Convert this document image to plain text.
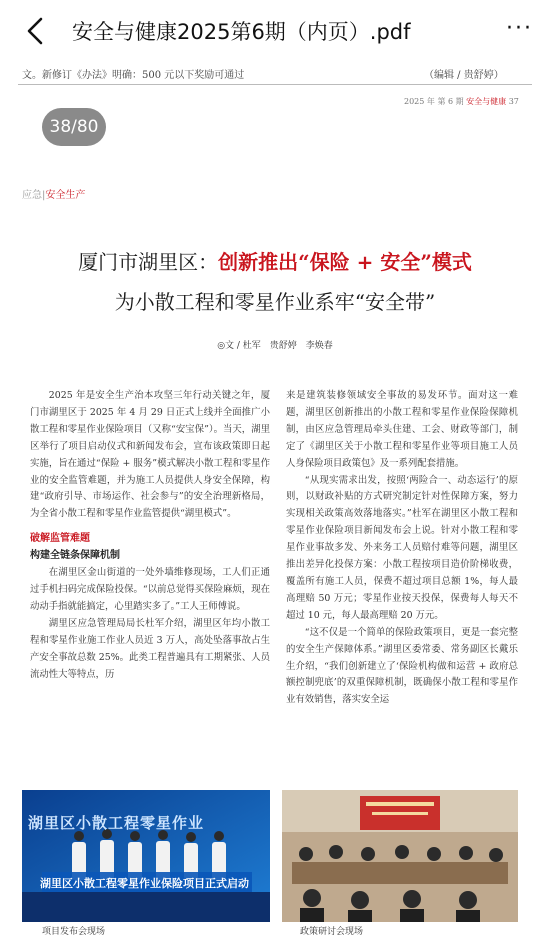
安全与健康2025第6期（内页）.pdf	···
文。新修订《办法》明确：500 元以下奖励可通过	（编辑 / 贵舒婷）
2025 年 第 6 期 安全与健康 37
38/80
应急|安全生产
厦门市湖里区：创新推出“保险 + 安全”模式
为小散工程和零星作业系牢“安全带”
◎文 / 杜军　贵舒婷　李焕春

2025 年是安全生产治本攻坚三年行动关键之年，厦门市湖里区于 2025 年 4 月 29 日正式上线并全面推广小散工程和零星作业保险项目（又称“安宝保”）。当天，湖里区举行了项目启动仪式和新闻发布会，宣布该政策即日起实施，旨在通过“保险 + 服务”模式解决小散工程和零星作业的安全监管难题，并为施工人员提供人身安全保障，构建“政府引导、市场运作、社会参与”的安全治理新格局，为全省小散工程和零星作业监管提供“湖里模式”。

破解监管难题
构建全链条保障机制

在湖里区金山街道的一处外墙维修现场，工人们正通过手机扫码完成保险投保。“以前总觉得买保险麻烦，现在动动手指就能搞定，心里踏实多了。”工人王师傅说。

湖里区应急管理局局长杜军介绍，湖里区年均小散工程和零星作业施工作业人员近 3 万人，高处坠落事故占生产安全事故总数 25%。此类工程普遍具有工期紧张、人员流动性大等特点，历

来是建筑装修领域安全事故的易发环节。面对这一难题，湖里区创新推出的小散工程和零星作业保险保障机制，由区应急管理局牵头住建、工会、财政等部门，制定了《湖里区关于小散工程和零星作业等项目施工人员人身保险项目政策包》及一系列配套措施。

“从现实需求出发，按照‘两险合一、动态运行’的原则，以财政补贴的方式研究制定针对性保障方案，努力实现相关政策高效落地落实。”杜军在湖里区小散工程和零星作业保险项目新闻发布会上说。针对小散工程和零星作业事故多发、外来务工人员赔付难等问题，湖里区推出差异化投保方案：小散工程按项目造价阶梯收费，覆盖所有施工人员，保费不超过项目总额 1%，每人最高理赔 50 万元；零星作业按天投保，保费每人每天不超过 10 元，每人最高理赔 20 万元。

“这不仅是一个简单的保险政策项目，更是一套完整的安全生产保障体系。”湖里区委常委、常务副区长戴乐生介绍，“我们创新建立了‘保险机构做和运营 + 政府总额控制兜底’的双重保障机制，既确保小散工程和零星作业有效销售，落实安全运

湖里区小散工程零星作业
湖里区小散工程零星作业保险项目正式启动
项目发布会现场	政策研讨会现场
